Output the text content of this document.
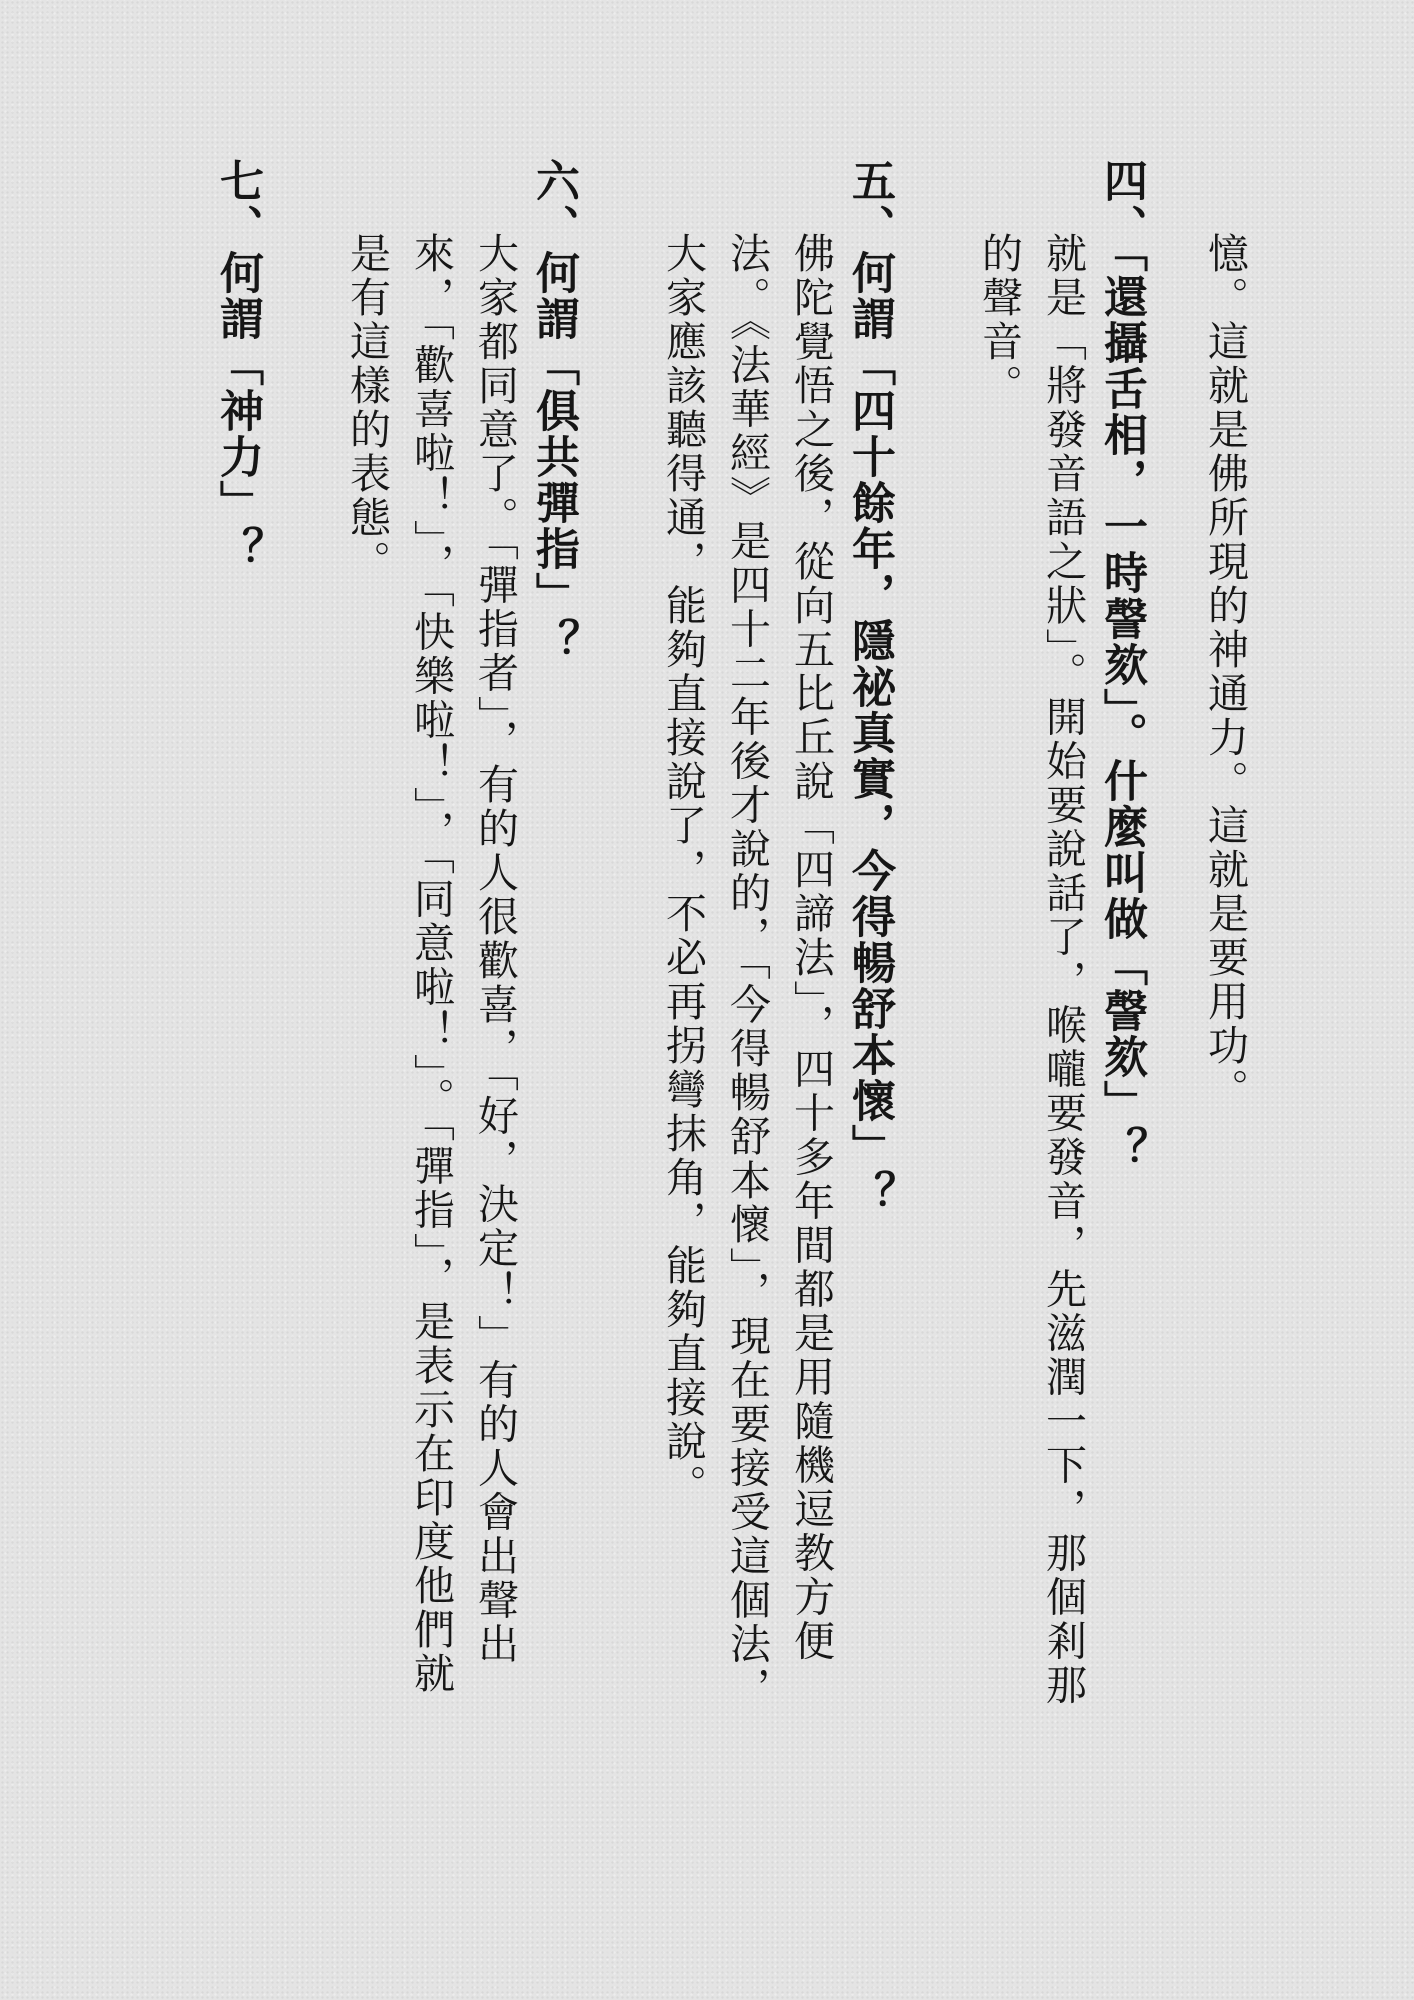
憶。這就是佛所現的神通力。這就是要用功。
四、「還攝舌相，一時謦欬」。什麼叫做「謦欬」？
就是「將發音語之狀」。開始要說話了，喉嚨要發音，先滋潤一下，那個剎那
的聲音。
五、何謂「四十餘年，隱祕真實，今得暢舒本懷」？
佛陀覺悟之後，從向五比丘說「四諦法」，四十多年間都是用隨機逗教方便
法。《法華經》是四十二年後才說的，「今得暢舒本懷」，現在要接受這個法，
大家應該聽得通，能夠直接說了，不必再拐彎抹角，能夠直接說。
六、何謂「俱共彈指」？
大家都同意了。「彈指者」，有的人很歡喜，「好，決定！」有的人會出聲出
來，「歡喜啦！」，「快樂啦！」，「同意啦！」。「彈指」，是表示在印度他們就
是有這樣的表態。
七、何謂「神力」？
